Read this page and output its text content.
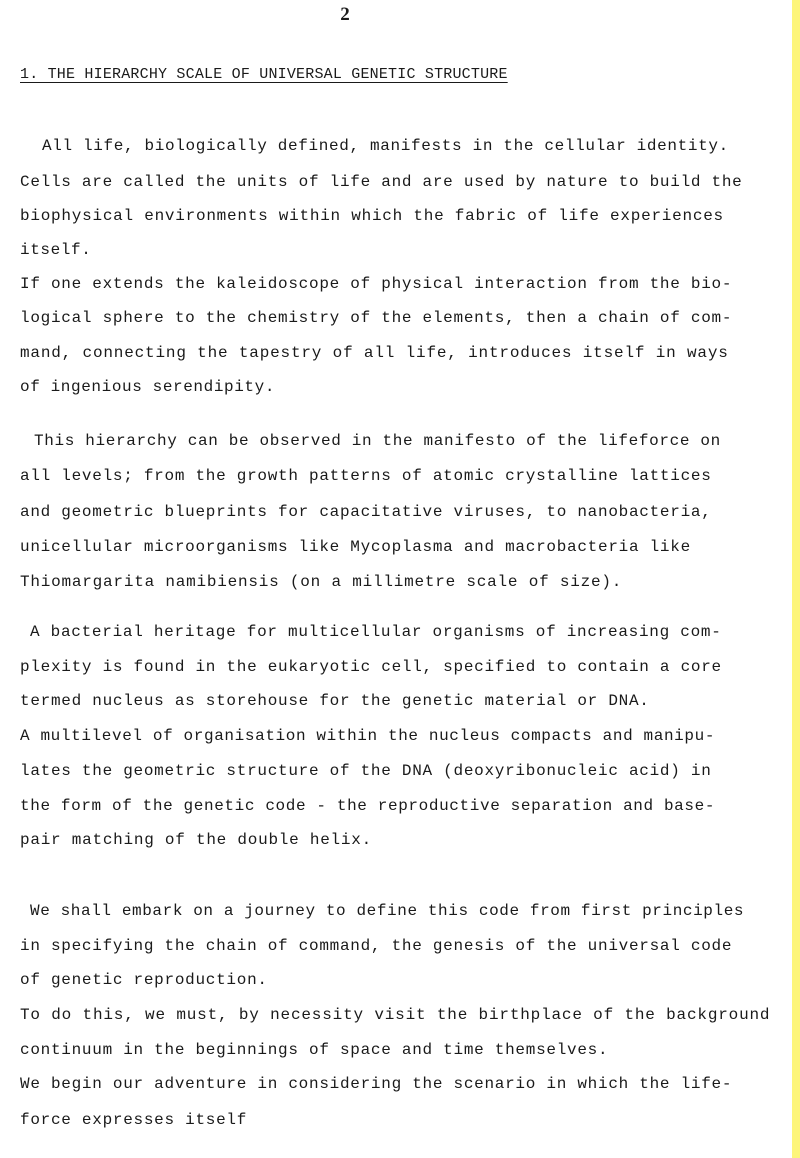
2
1. THE HIERARCHY SCALE OF UNIVERSAL GENETIC STRUCTURE
All life, biologically defined, manifests in the cellular identity.
Cells are called the units of life and are used by nature to build the
biophysical environments within which the fabric of life experiences
itself.
If one extends the kaleidoscope of physical interaction from the bio-
logical sphere to the chemistry of the elements, then a chain of com-
mand, connecting the tapestry of all life, introduces itself in ways
of ingenious serendipity.
This hierarchy can be observed in the manifesto of the lifeforce on
all levels; from the growth patterns of atomic crystalline lattices
and geometric blueprints for capacitative viruses, to nanobacteria,
unicellular microorganisms like Mycoplasma and macrobacteria like
Thiomargarita namibiensis (on a millimetre scale of size).
A bacterial heritage for multicellular organisms of increasing com-
plexity is found in the eukaryotic cell, specified to contain a core
termed nucleus as storehouse for the genetic material or DNA.
A multilevel of organisation within the nucleus compacts and manipu-
lates the geometric structure of the DNA (deoxyribonucleic acid) in
the form of the genetic code - the reproductive separation and base-
pair matching of the double helix.
We shall embark on a journey to define this code from first principles
in specifying the chain of command, the genesis of the universal code
of genetic reproduction.
To do this, we must, by necessity visit the birthplace of the background
continuum in the beginnings of space and time themselves.
We begin our adventure in considering the scenario in which the life-
force expresses itself
